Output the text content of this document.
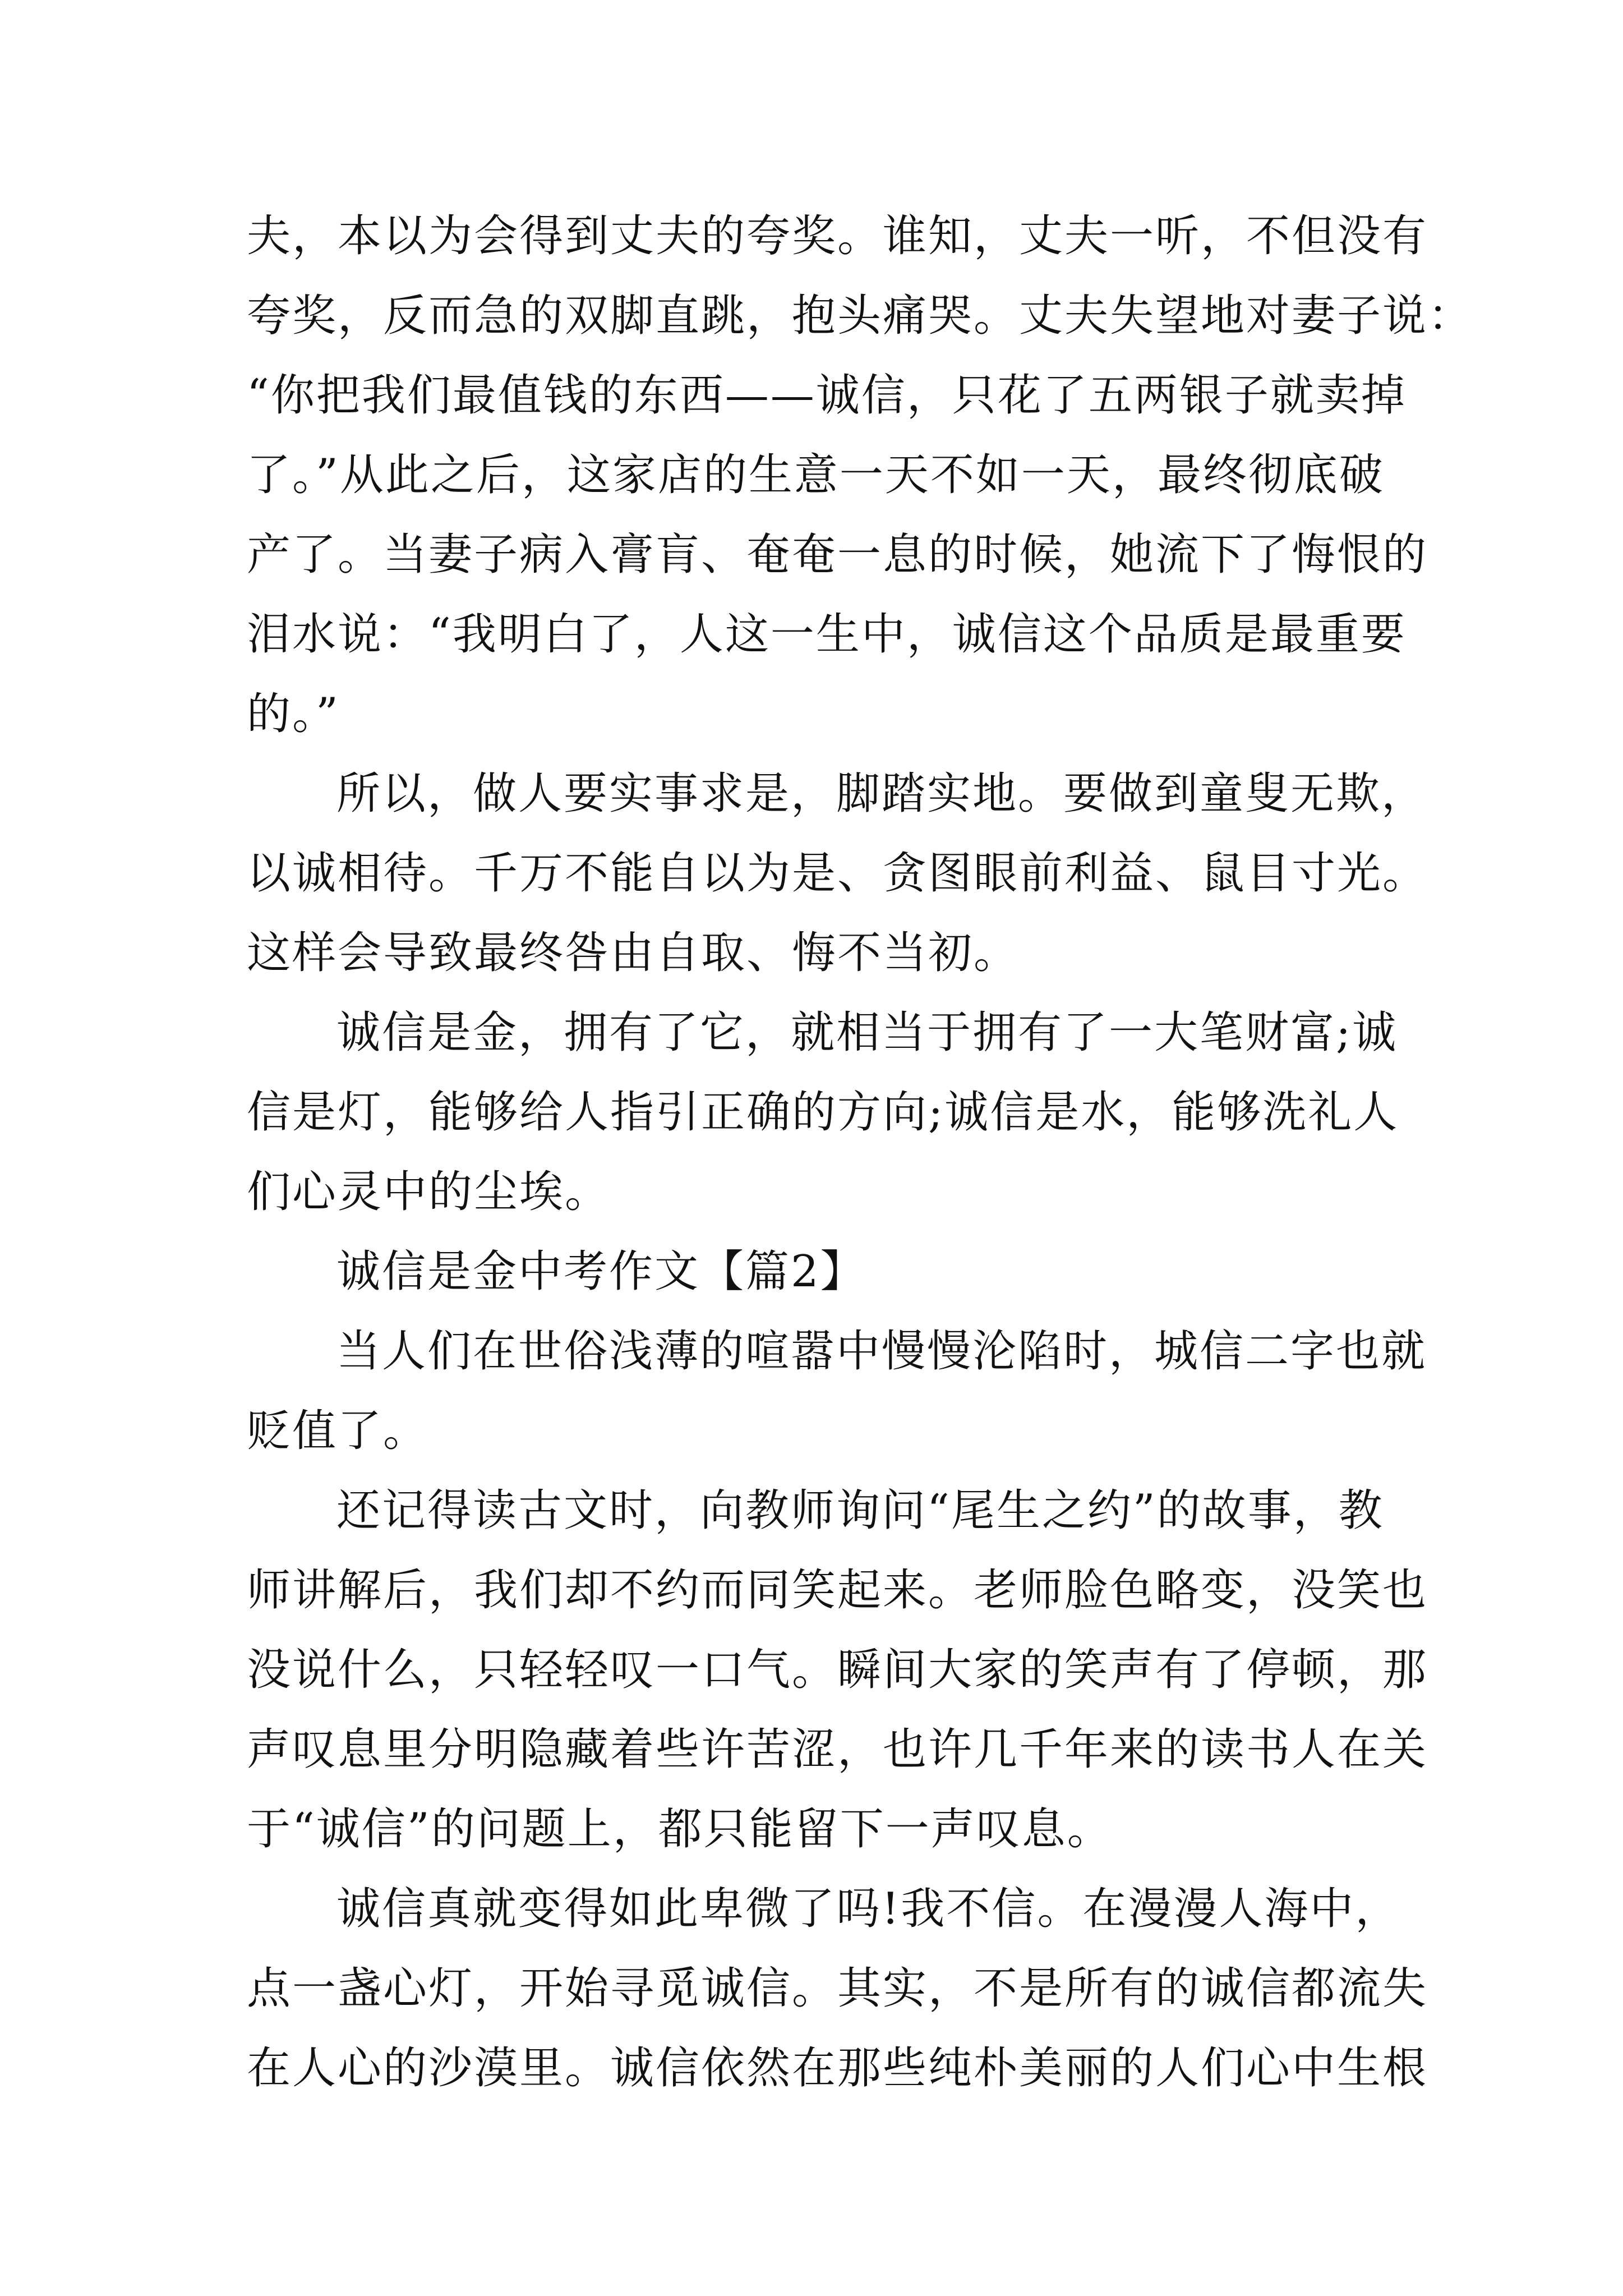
夫，本以为会得到丈夫的夸奖。谁知，丈夫一听，不但没有
夸奖，反而急的双脚直跳，抱头痛哭。丈夫失望地对妻子说：
“你把我们最值钱的东西——诚信，只花了五两银子就卖掉
了。”从此之后，这家店的生意一天不如一天，最终彻底破
产了。当妻子病入膏肓、奄奄一息的时候，她流下了悔恨的
泪水说：“我明白了，人这一生中，诚信这个品质是最重要
的。”
所以，做人要实事求是，脚踏实地。要做到童叟无欺，
以诚相待。千万不能自以为是、贪图眼前利益、鼠目寸光。
这样会导致最终咎由自取、悔不当初。
诚信是金，拥有了它，就相当于拥有了一大笔财富;诚
信是灯，能够给人指引正确的方向;诚信是水，能够洗礼人
们心灵中的尘埃。
诚信是金中考作文【篇2】
当人们在世俗浅薄的喧嚣中慢慢沦陷时，城信二字也就
贬值了。
还记得读古文时，向教师询问“尾生之约”的故事，教
师讲解后，我们却不约而同笑起来。老师脸色略变，没笑也
没说什么，只轻轻叹一口气。瞬间大家的笑声有了停顿，那
声叹息里分明隐藏着些许苦涩，也许几千年来的读书人在关
于“诚信”的问题上，都只能留下一声叹息。
诚信真就变得如此卑微了吗!我不信。在漫漫人海中，
点一盏心灯，开始寻觅诚信。其实，不是所有的诚信都流失
在人心的沙漠里。诚信依然在那些纯朴美丽的人们心中生根
